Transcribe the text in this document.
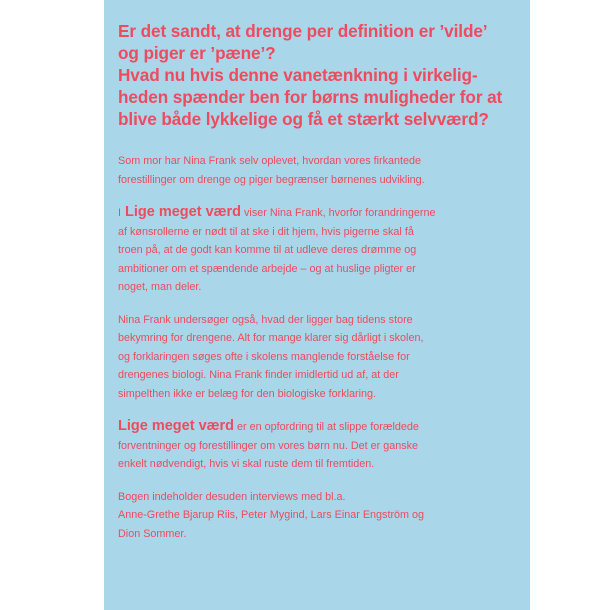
Er det sandt, at drenge per definition er ’vilde’
og piger er ’pæne’?
Hvad nu hvis denne vanetænkning i virkelig-
heden spænder ben for børns muligheder for at
blive både lykkelige og få et stærkt selvværd?
Som mor har Nina Frank selv oplevet, hvordan vores firkantede
forestillinger om drenge og piger begrænser børnenes udvikling.
I Lige meget værd viser Nina Frank, hvorfor forandringerne
af kønsrollerne er nødt til at ske i dit hjem, hvis pigerne skal få
troen på, at de godt kan komme til at udleve deres drømme og
ambitioner om et spændende arbejde – og at huslige pligter er
noget, man deler.
Nina Frank undersøger også, hvad der ligger bag tidens store
bekymring for drengene. Alt for mange klarer sig dårligt i skolen,
og forklaringen søges ofte i skolens manglende forståelse for
drengenes biologi. Nina Frank finder imidlertid ud af, at der
simpelthen ikke er belæg for den biologiske forklaring.
Lige meget værd er en opfordring til at slippe forældede
forventninger og forestillinger om vores børn nu. Det er ganske
enkelt nødvendigt, hvis vi skal ruste dem til fremtiden.
Bogen indeholder desuden interviews med bl.a.
Anne-Grethe Bjarup Riis, Peter Mygind, Lars Einar Engström og
Dion Sommer.
